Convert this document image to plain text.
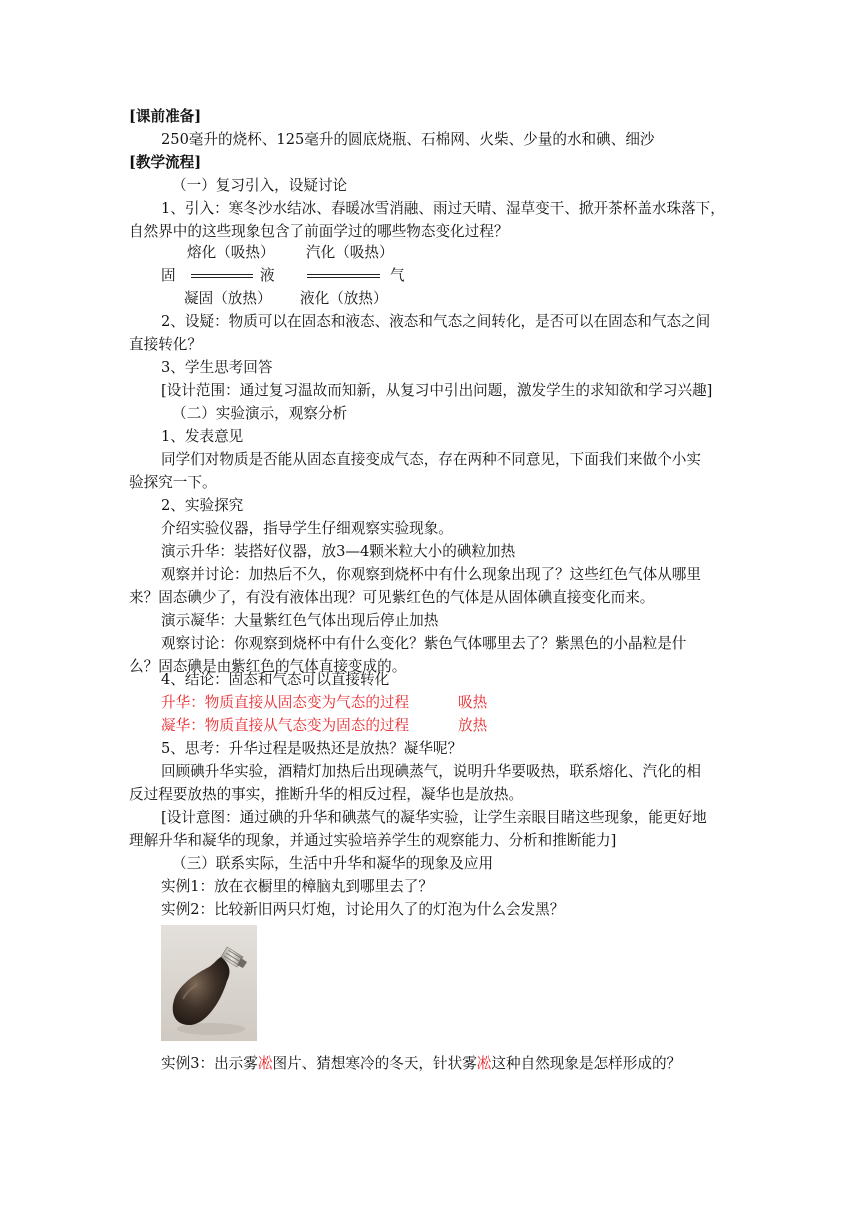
[课前准备]
250毫升的烧杯、125毫升的圆底烧瓶、石棉网、火柴、少量的水和碘、细沙
[教学流程]
（一）复习引入，设疑讨论
1、引入：寒冬沙水结冰、春暖冰雪消融、雨过天晴、湿草变干、掀开茶杯盖水珠落下，
自然界中的这些现象包含了前面学过的哪些物态变化过程？
熔化（吸热） 汽化（吸热）
固	液	气
凝固（放热） 液化（放热）
2、设疑：物质可以在固态和液态、液态和气态之间转化，是否可以在固态和气态之间
直接转化？
3、学生思考回答
[设计范围：通过复习温故而知新，从复习中引出问题，激发学生的求知欲和学习兴趣]
（二）实验演示，观察分析
1、发表意见
同学们对物质是否能从固态直接变成气态，存在两种不同意见，下面我们来做个小实
验探究一下。
2、实验探究
介绍实验仪器，指导学生仔细观察实验现象。
演示升华：装搭好仪器，放3—4颗米粒大小的碘粒加热
观察并讨论：加热后不久，你观察到烧杯中有什么现象出现了？这些红色气体从哪里
来？固态碘少了，有没有液体出现？可见紫红色的气体是从固体碘直接变化而来。
演示凝华：大量紫红色气体出现后停止加热
观察讨论：你观察到烧杯中有什么变化？紫色气体哪里去了？紫黑色的小晶粒是什
么？固态碘是由紫红色的气体直接变成的。
4、结论：固态和气态可以直接转化
升华：物质直接从固态变为气态的过程	吸热
凝华：物质直接从气态变为固态的过程	放热
5、思考：升华过程是吸热还是放热？凝华呢？
回顾碘升华实验，酒精灯加热后出现碘蒸气，说明升华要吸热，联系熔化、汽化的相
反过程要放热的事实，推断升华的相反过程，凝华也是放热。
[设计意图：通过碘的升华和碘蒸气的凝华实验，让学生亲眼目睹这些现象，能更好地
理解升华和凝华的现象，并通过实验培养学生的观察能力、分析和推断能力]
（三）联系实际，生活中升华和凝华的现象及应用
实例1：放在衣橱里的樟脑丸到哪里去了？
实例2：比较新旧两只灯炮，讨论用久了的灯泡为什么会发黑？
实例3：出示雾凇图片、猜想寒冷的冬天，针状雾凇这种自然现象是怎样形成的？
